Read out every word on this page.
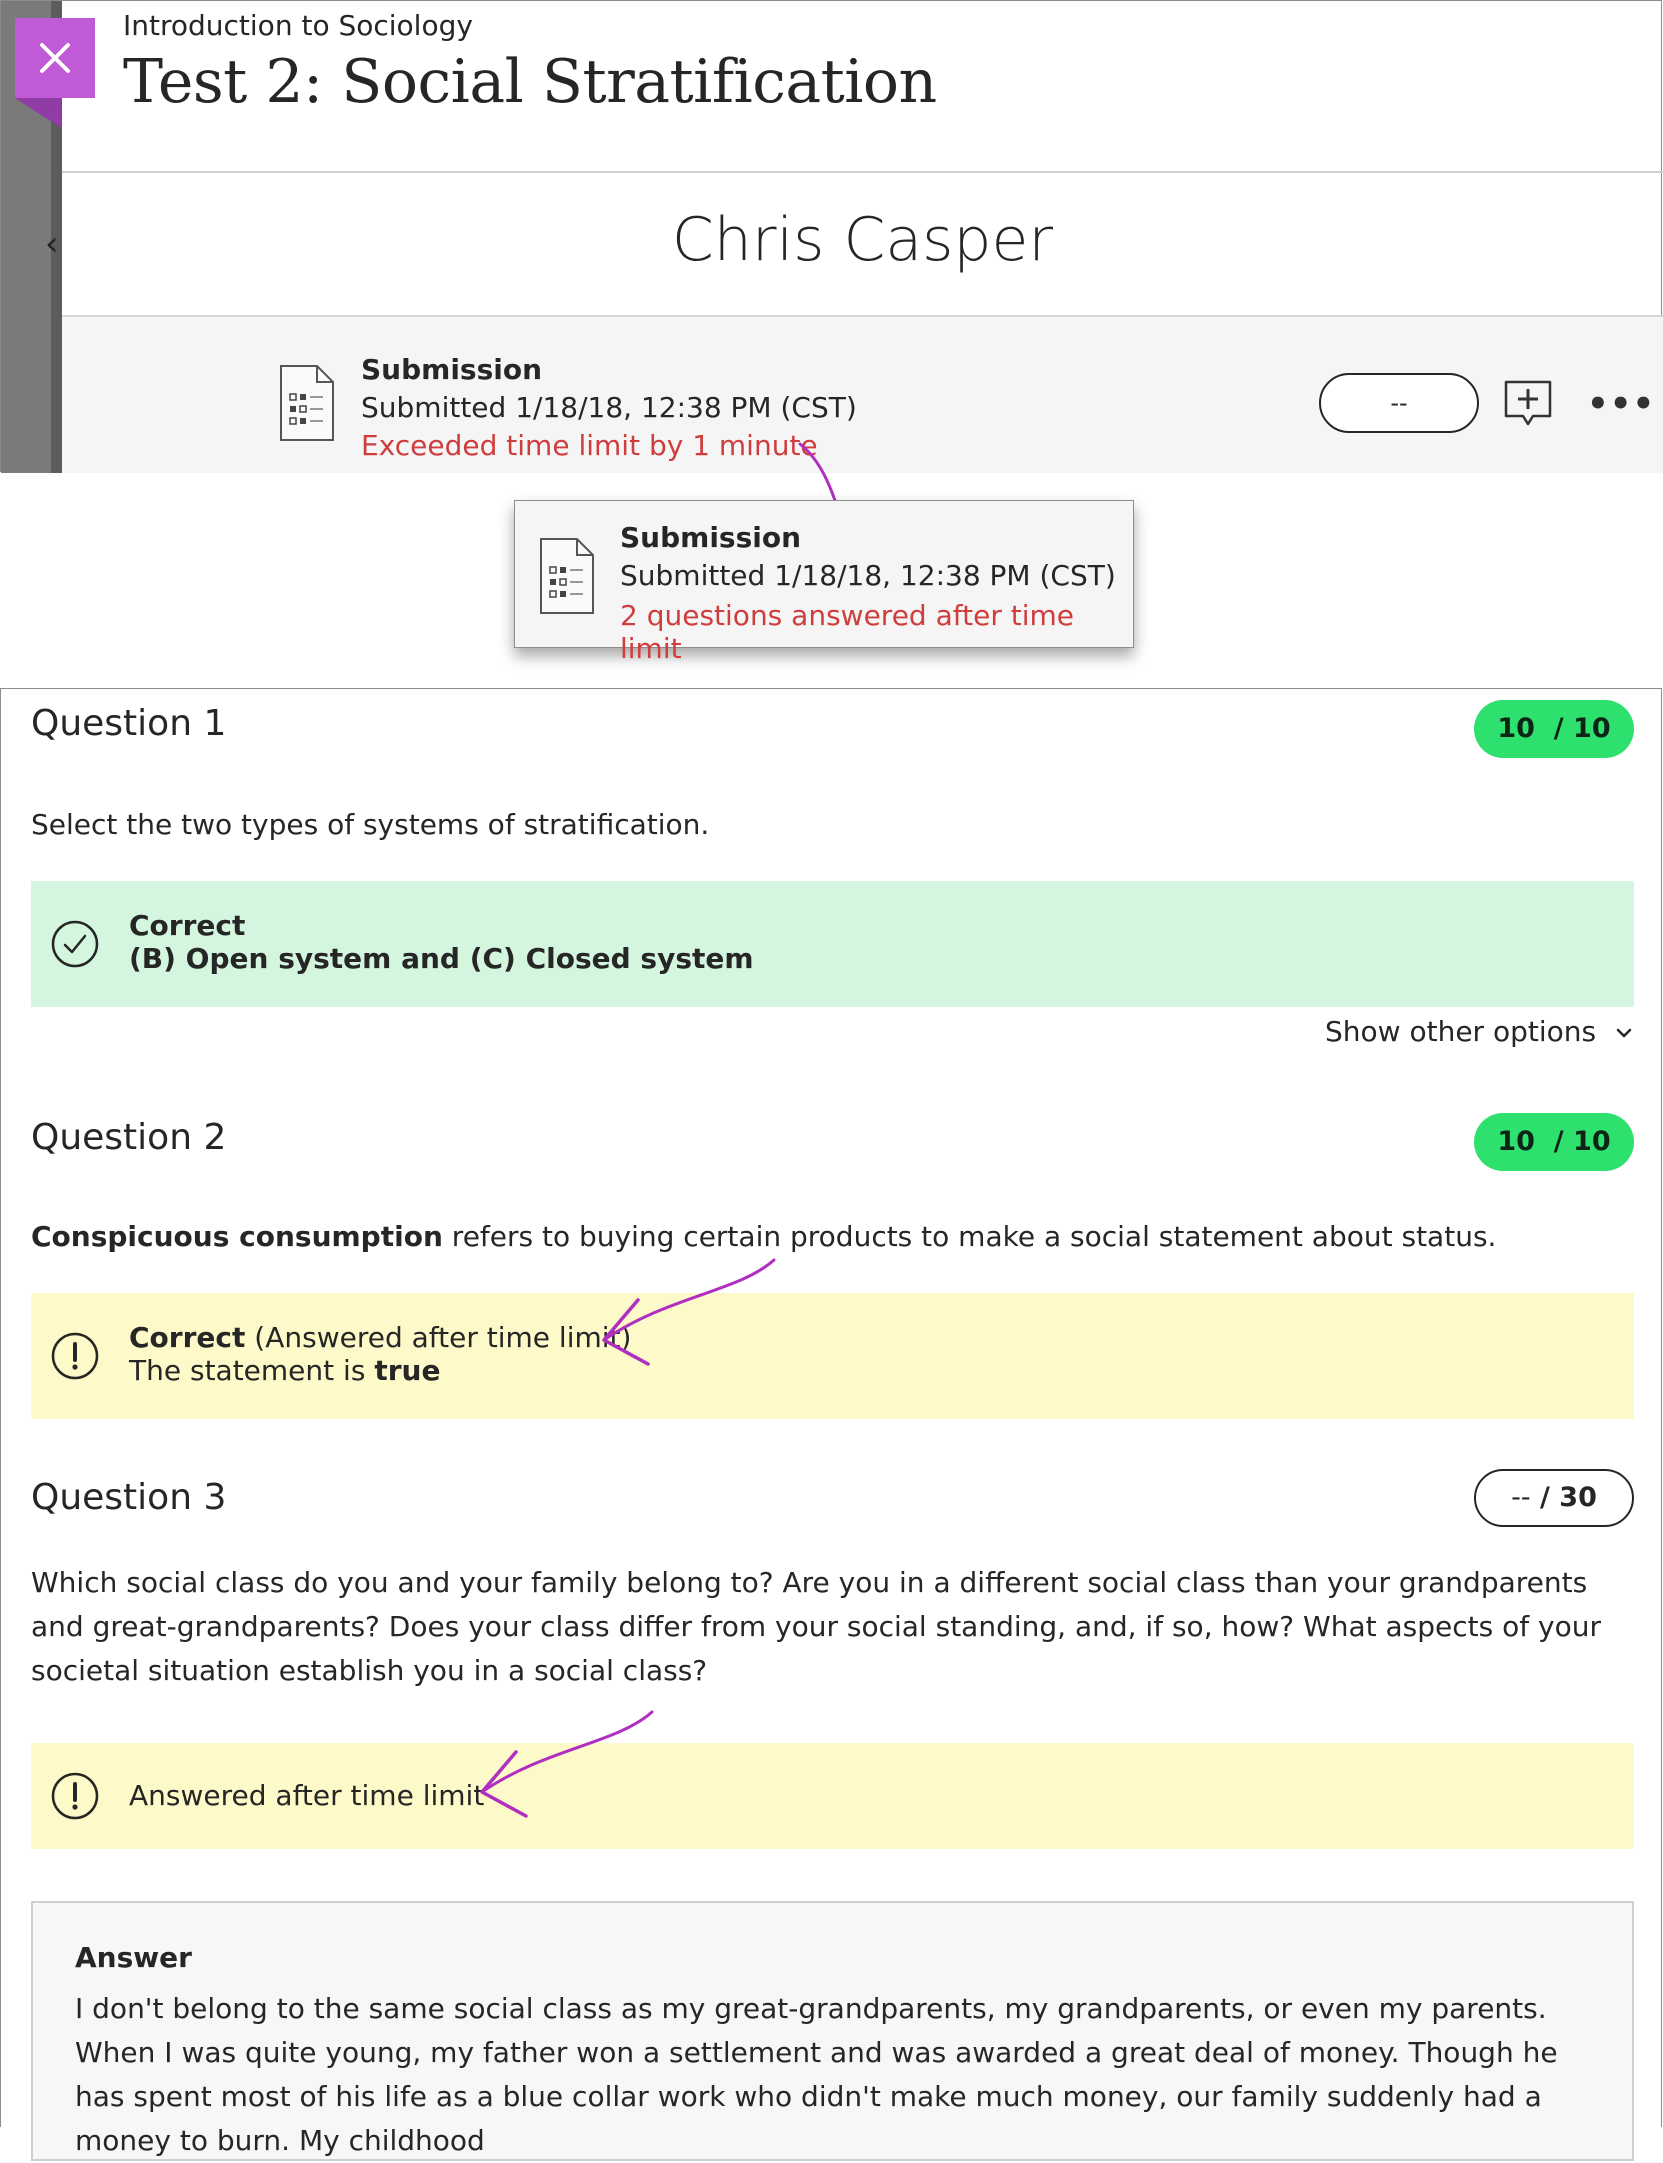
‹
Introduction to Sociology
Test 2: Social Stratification
Chris Casper
Submission
Submitted 1/18/18, 12:38 PM (CST)
Exceeded time limit by 1 minute
--	•••
Submission
Submitted 1/18/18, 12:38 PM (CST)
2 questions answered after time limit
Question 1	10  / 10
Select the two types of systems of stratification.
Correct
(B) Open system and (C) Closed system
Show other options
Question 2	10  / 10
Conspicuous consumption refers to buying certain products to make a social statement about status.
Correct (Answered after time limit)
The statement is true
Question 3	-- / 30
Which social class do you and your family belong to? Are you in a different social class than your grandparents and great-grandparents? Does your class differ from your social standing, and, if so, how? What aspects of your societal situation establish you in a social class?
Answered after time limit
Answer
I don't belong to the same social class as my great-grandparents, my grandparents, or even my parents. When I was quite young, my father won a settlement and was awarded a great deal of money. Though he has spent most of his life as a blue collar work who didn't make much money, our family suddenly had a money to burn. My childhood
